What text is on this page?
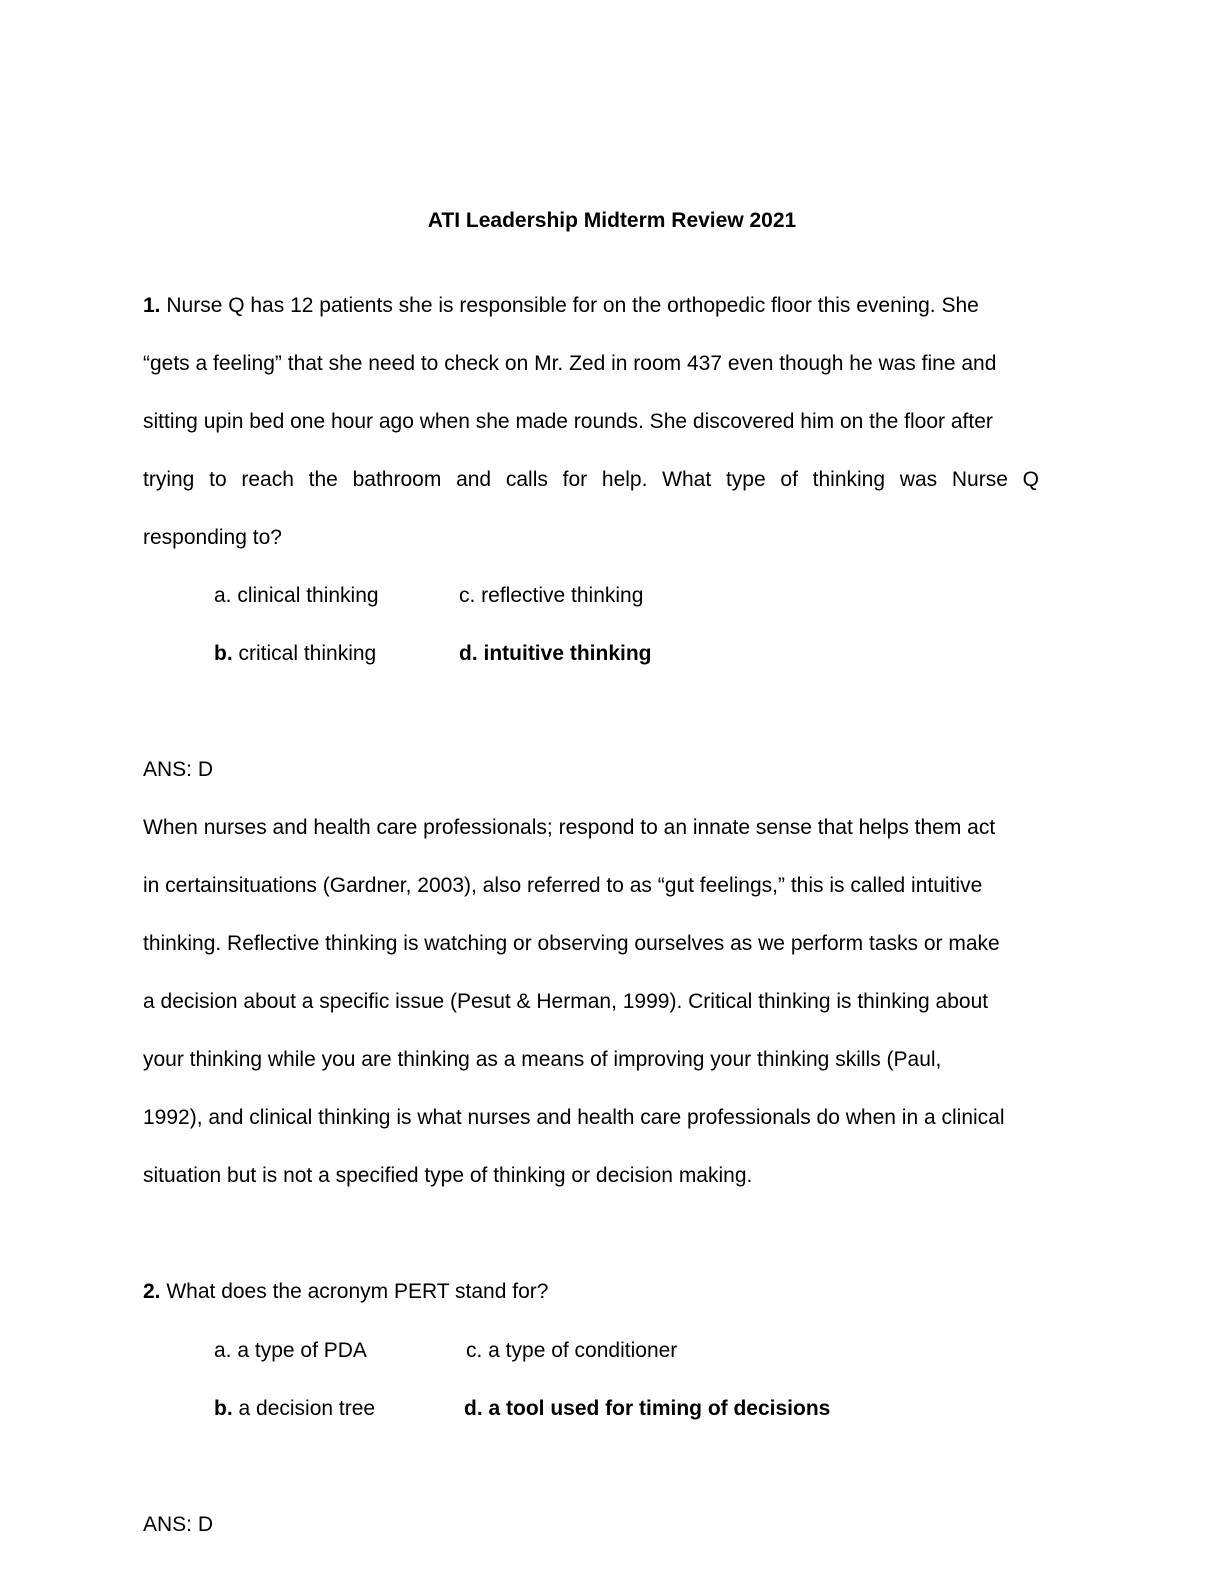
ATI Leadership Midterm Review 2021
1. Nurse Q has 12 patients she is responsible for on the orthopedic floor this evening. She
“gets a feeling” that she need to check on Mr. Zed in room 437 even though he was fine and
sitting upin bed one hour ago when she made rounds. She discovered him on the floor after
trying to reach the bathroom and calls for help. What type of thinking was Nurse Q
responding to?
a. clinical thinking	c. reflective thinking
b. critical thinking	d. intuitive thinking
ANS: D
When nurses and health care professionals; respond to an innate sense that helps them act
in certainsituations (Gardner, 2003), also referred to as “gut feelings,” this is called intuitive
thinking. Reflective thinking is watching or observing ourselves as we perform tasks or make
a decision about a specific issue (Pesut & Herman, 1999). Critical thinking is thinking about
your thinking while you are thinking as a means of improving your thinking skills (Paul,
1992), and clinical thinking is what nurses and health care professionals do when in a clinical
situation but is not a specified type of thinking or decision making.
2. What does the acronym PERT stand for?
a. a type of PDA	c. a type of conditioner
b. a decision tree	d. a tool used for timing of decisions
ANS: D
